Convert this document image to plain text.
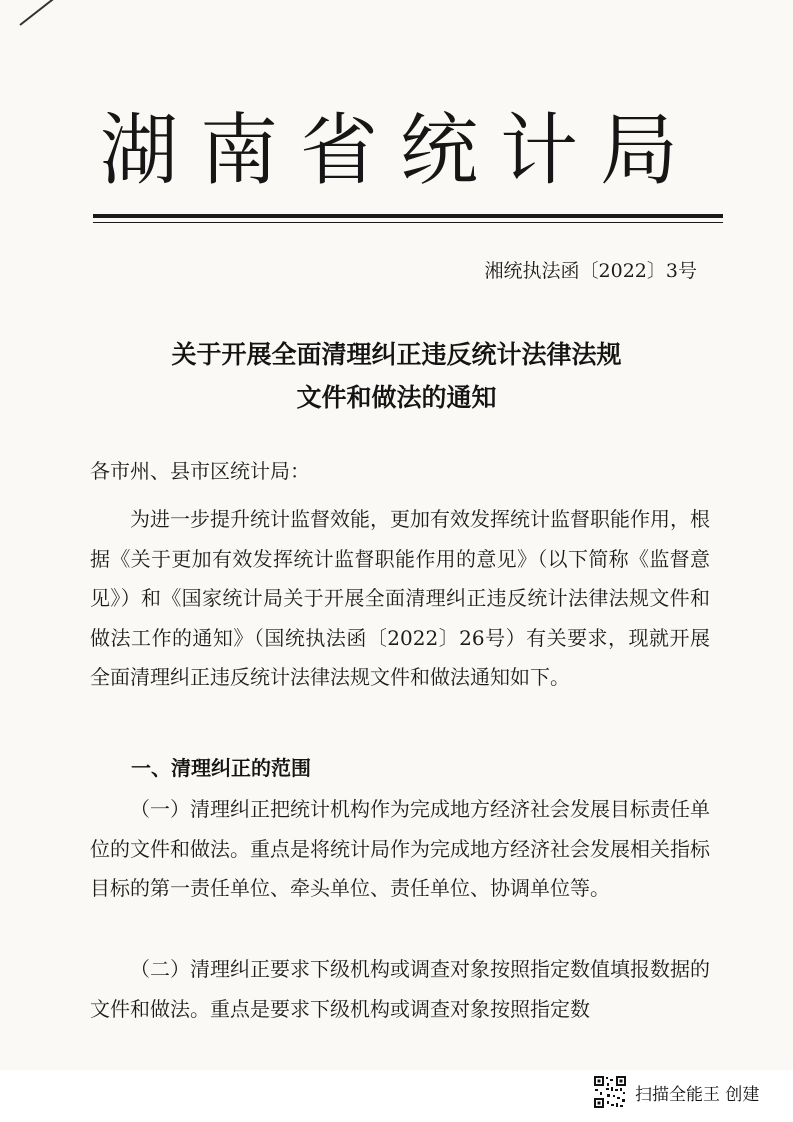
湖南省统计局
湘统执法函〔2022〕3号
关于开展全面清理纠正违反统计法律法规
文件和做法的通知
各市州、县市区统计局：
为进一步提升统计监督效能，更加有效发挥统计监督职能作用，根据《关于更加有效发挥统计监督职能作用的意见》（以下简称《监督意见》）和《国家统计局关于开展全面清理纠正违反统计法律法规文件和做法工作的通知》（国统执法函〔2022〕26号）有关要求，现就开展全面清理纠正违反统计法律法规文件和做法通知如下。
一、清理纠正的范围
（一）清理纠正把统计机构作为完成地方经济社会发展目标责任单位的文件和做法。重点是将统计局作为完成地方经济社会发展相关指标目标的第一责任单位、牵头单位、责任单位、协调单位等。
（二）清理纠正要求下级机构或调查对象按照指定数值填报数据的文件和做法。重点是要求下级机构或调查对象按照指定数
扫描全能王 创建
